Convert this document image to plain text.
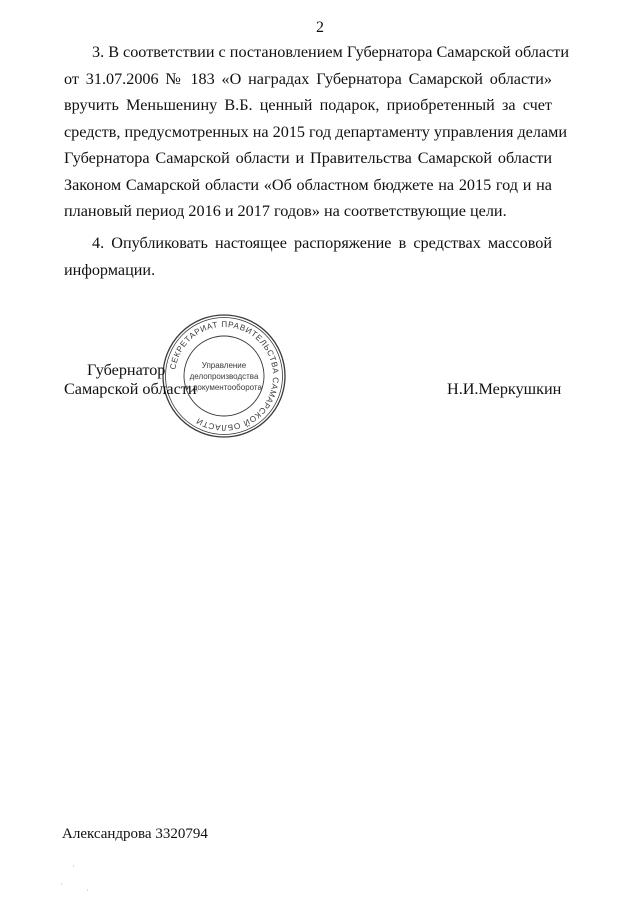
2
3. В соответствии с постановлением Губернатора Самарской области
от 31.07.2006 № 183 «О наградах Губернатора Самарской области»
вручить Меньшенину В.Б. ценный подарок, приобретенный за счет
средств, предусмотренных на 2015 год департаменту управления делами
Губернатора Самарской области и Правительства Самарской области
Законом Самарской области «Об областном бюджете на 2015 год и на
плановый период 2016 и 2017 годов» на соответствующие цели.
4. Опубликовать настоящее распоряжение в средствах массовой
информации.
СЕКРЕТАРИАТ ПРАВИТЕЛЬСТВА САМАРСКОЙ ОБЛАСТИ
Управление
делопроизводства
и документооборота
Губернатор
Самарской области	Н.И.Меркушкин
Александрова 3320794
·
·
·
